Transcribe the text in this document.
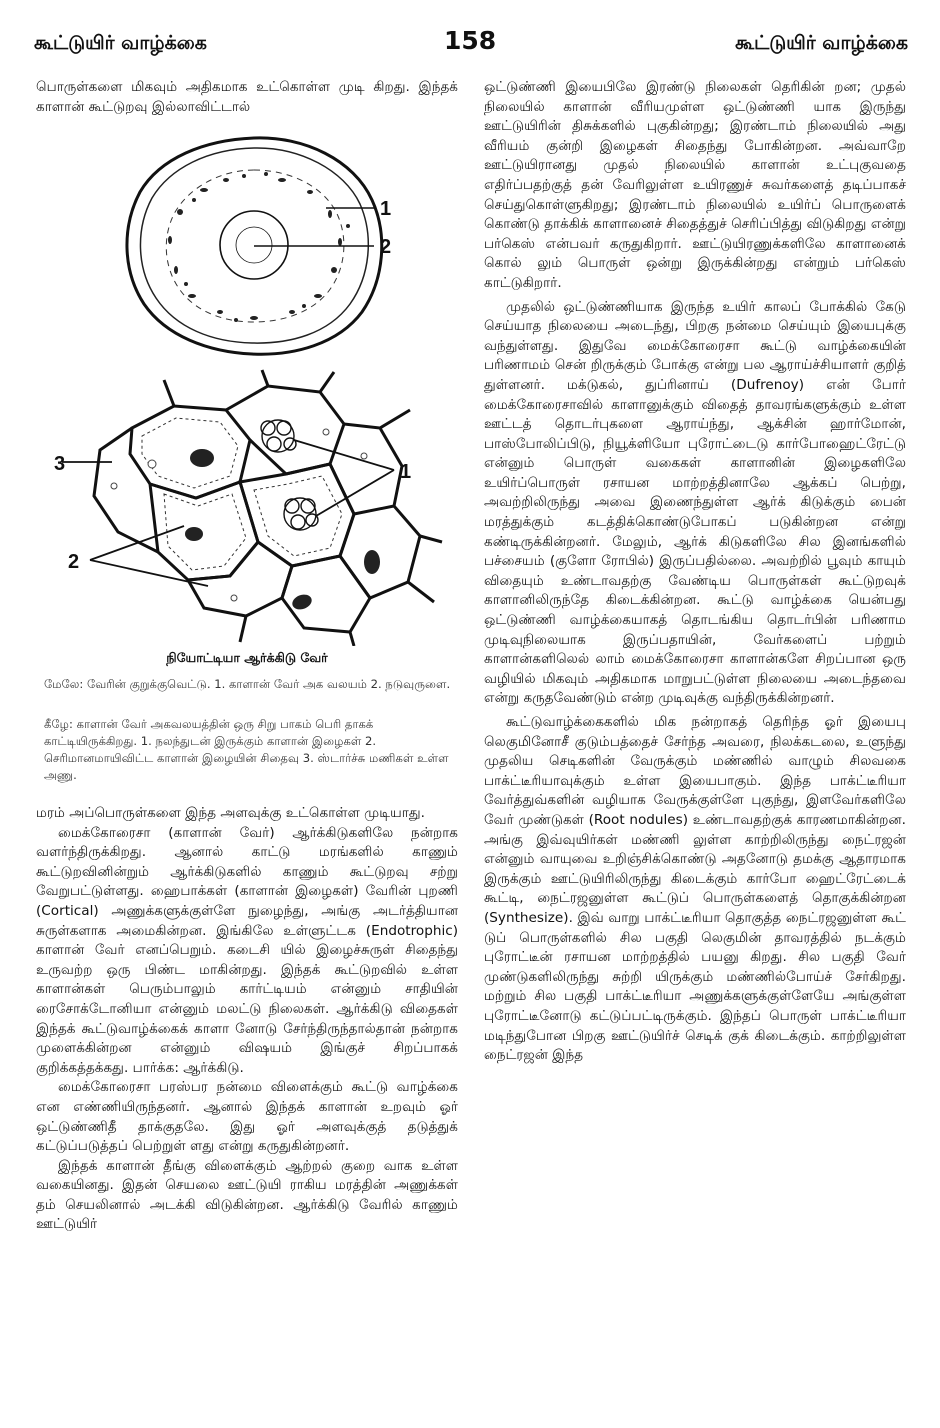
கூட்டுயிர் வாழ்க்கை	158	கூட்டுயிர் வாழ்க்கை

பொருள்களை மிகவும் அதிகமாக உட்கொள்ள முடி கிறது. இந்தக் காளான் கூட்டுறவு இல்லாவிட்டால்

1
2
3	1
2
நியோட்டியா ஆர்க்கிடு வேர்
மேலே: வேரின் குறுக்குவெட்டு. 1. காளான் வேர் அக வலயம் 2. நடுவுருளை.
கீழே: காளான் வேர் அகவலயத்தின் ஒரு சிறு பாகம் பெரி தாகக் காட்டியிருக்கிறது. 1. நலந்துடன் இருக்கும் காளான் இழைகள் 2. செரிமானமாயிவிட்ட காளான் இழையின் சிதைவு 3. ஸ்டார்ச்சு மணிகள் உள்ள அணு.

மரம் அப்பொருள்களை இந்த அளவுக்கு உட்கொள்ள முடியாது.

மைக்கோரைசா (காளான் வேர்) ஆர்க்கிடுகளிலே நன்றாக வளர்ந்திருக்கிறது. ஆனால் காட்டு மரங்களில் காணும் கூட்டுறவினின்றும் ஆர்க்கிடுகளில் காணும் கூட்டுறவு சற்று வேறுபட்டுள்ளது. ஹைபாக்கள் (காளான் இழைகள்) வேரின் புறணி (Cortical) அணுக்களுக்குள்ளே நுழைந்து, அங்கு அடர்த்தியான சுருள்களாக அமைகின்றன. இங்கிலே உள்ளுட்டக (Endotrophic) காளான் வேர் எனப்பெறும். கடைசி யில் இழைச்சுருள் சிதைந்து உருவற்ற ஒரு பிண்ட மாகின்றது. இந்தக் கூட்டுறவில் உள்ள காளான்கள் பெரும்பாலும் கார்ட்டியம் என்னும் சாதியின் ரைசோக்டோனியா என்னும் மலட்டு நிலைகள். ஆர்க்கிடு விதைகள் இந்தக் கூட்டுவாழ்க்கைக் காளா னோடு சேர்ந்திருந்தால்தான் நன்றாக முளைக்கின்றன என்னும் விஷயம் இங்குச் சிறப்பாகக் குறிக்கத்தக்கது. பார்க்க: ஆர்க்கிடு.

மைக்கோரைசா பரஸ்பர நன்மை விளைக்கும் கூட்டு வாழ்க்கை என எண்ணியிருந்தனர். ஆனால் இந்தக் காளான் உறவும் ஓர் ஒட்டுண்ணிதீ தாக்குதலே. இது ஓர் அளவுக்குத் தடுத்துக் கட்டுப்படுத்தப் பெற்றுள் ளது என்று கருதுகின்றனர்.

இந்தக் காளான் தீங்கு விளைக்கும் ஆற்றல் குறை வாக உள்ள வகையினது. இதன் செயலை ஊட்டுயி ராகிய மரத்தின் அணுக்கள் தம் செயலினால் அடக்கி விடுகின்றன. ஆர்க்கிடு வேரில் காணும் ஊட்டுயிர்

ஒட்டுண்ணி இயைபிலே இரண்டு நிலைகள் தெரிகின் றன; முதல் நிலையில் காளான் வீரியமுள்ள ஒட்டுண்ணி யாக இருந்து ஊட்டுயிரின் திசுக்களில் புகுகின்றது; இரண்டாம் நிலையில் அது வீரியம் குன்றி இழைகள் சிதைந்து போகின்றன. அவ்வாறே ஊட்டுயிரானது முதல் நிலையில் காளான் உட்புகுவதை எதிர்ப்பதற்குத் தன் வேரிலுள்ள உயிரணுச் சுவர்களைத் தடிப்பாகச் செய்துகொள்ளுகிறது; இரண்டாம் நிலையில் உயிர்ப் பொருளைக் கொண்டு தாக்கிக் காளானைச் சிதைத்துச் செரிப்பித்து விடுகிறது என்று பர்கெஸ் என்பவர் கருதுகிறார். ஊட்டுயிரணுக்களிலே காளானைக் கொல் லும் பொருள் ஒன்று இருக்கின்றது என்றும் பர்கெஸ் காட்டுகிறார்.

முதலில் ஒட்டுண்ணியாக இருந்த உயிர் காலப் போக்கில் கேடு செய்யாத நிலையை அடைந்து, பிறகு நன்மை செய்யும் இயைபுக்கு வந்துள்ளது. இதுவே மைக்கோரைசா கூட்டு வாழ்க்கையின் பரிணாமம் சென் றிருக்கும் போக்கு என்று பல ஆராய்ச்சியாளர் குறித் துள்ளனர். மக்டுகல், துப்ரினாய் (Dufrenoy) என் போர் மைக்கோரைசாவில் காளானுக்கும் விதைத் தாவரங்களுக்கும் உள்ள ஊட்டத் தொடர்புகளை ஆராய்ந்து, ஆக்சின் ஹார்மோன், பாஸ்போலிப்பிடு, நியூக்ளியோ புரோட்டைடு கார்போஹைட்ரேட்டு என்னும் பொருள் வகைகள் காளானின் இழைகளிலே உயிர்ப்பொருள் ரசாயன மாற்றத்தினாலே ஆக்கப் பெற்று, அவற்றிலிருந்து அவை இணைந்துள்ள ஆர்க் கிடுக்கும் பைன் மரத்துக்கும் கடத்திக்கொண்டுபோகப் படுகின்றன என்று கண்டிருக்கின்றனர். மேலும், ஆர்க் கிடுகளிலே சில இனங்களில் பச்சையம் (குளோ ரோபில்) இருப்பதில்லை. அவற்றில் பூவும் காயும் விதையும் உண்டாவதற்கு வேண்டிய பொருள்கள் கூட்டுறவுக் காளானிலிருந்தே கிடைக்கின்றன. கூட்டு வாழ்க்கை யென்பது ஒட்டுண்ணி வாழ்க்கையாகத் தொடங்கிய தொடர்பின் பரிணாம முடிவுநிலையாக இருப்பதாயின், வேர்களைப் பற்றும் காளான்களிலெல் லாம் மைக்கோரைசா காளான்களே சிறப்பான ஒரு வழியில் மிகவும் அதிகமாக மாறுபட்டுள்ள நிலையை அடைந்தவை என்று கருதவேண்டும் என்ற முடிவுக்கு வந்திருக்கின்றனர்.

கூட்டுவாழ்க்கைகளில் மிக நன்றாகத் தெரிந்த ஓர் இயைபு லெகுமினோசீ குடும்பத்தைச் சேர்ந்த அவரை, நிலக்கடலை, உளுந்து முதலிய செடிகளின் வேருக்கும் மண்ணில் வாழும் சிலவகை பாக்ட்டீரியாவுக்கும் உள்ள இயைபாகும். இந்த பாக்ட்டீரியா வேர்த்துவ்களின் வழியாக வேருக்குள்ளே புகுந்து, இளவேர்களிலே வேர் முண்டுகள் (Root nodules) உண்டாவதற்குக் காரணமாகின்றன. அங்கு இவ்வுயிர்கள் மண்ணி லுள்ள காற்றிலிருந்து நைட்ரஜன் என்னும் வாயுவை உறிஞ்சிக்கொண்டு அதனோடு தமக்கு ஆதாரமாக இருக்கும் ஊட்டுயிரிலிருந்து கிடைக்கும் கார்போ ஹைட்ரேட்டைக் கூட்டி, நைட்ரஜனுள்ள கூட்டுப் பொருள்களைத் தொகுக்கின்றன (Synthesize). இவ் வாறு பாக்ட்டீரியா தொகுத்த நைட்ரஜனுள்ள கூட் டுப் பொருள்களில் சில பகுதி லெகுமின் தாவரத்தில் நடக்கும் புரோட்டீன் ரசாயன மாற்றத்தில் பயனு கிறது. சில பகுதி வேர் முண்டுகளிலிருந்து சுற்றி யிருக்கும் மண்ணில்போய்ச் சேர்கிறது. மற்றும் சில பகுதி பாக்ட்டீரியா அணுக்களுக்குள்ளேயே அங்குள்ள புரோட்டீனோடு கட்டுப்பட்டிருக்கும். இந்தப் பொருள் பாக்ட்டீரியா மடிந்துபோன பிறகு ஊட்டுயிர்ச் செடிக் குக் கிடைக்கும். காற்றிலுள்ள நைட்ரஜன் இந்த
